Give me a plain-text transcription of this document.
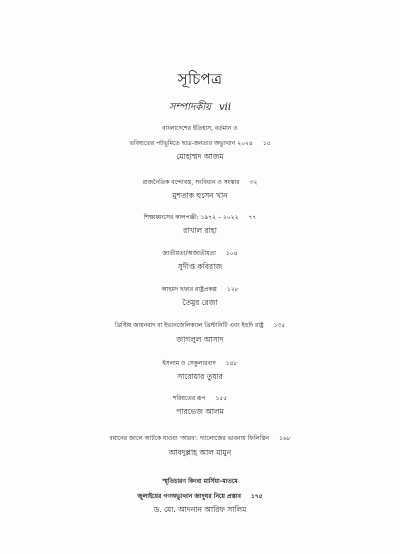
সূচিপত্র
সম্পাদকীয় vii
বাংলাদেশের ইতিহাস, বর্তমান ও
ভবিষ্যতের পটভূমিতে ছাত্র-জনতার অভ্যুত্থান ২০২৪ ১৫
মোহাম্মদ আজম
রাজনৈতিক বন্দোবস্ত, সংবিধান ও সংস্কার ৩২
মুশতাক হুসেন খান
শিক্ষাধ্বংসের কালপঞ্জী: ১৯৭২ – ২০২২ ৭৭
রাখাল রাহা
জাতীয়তা/অজাতীয়তা ১০৪
সুদীপ্ত কবিরাজ
আহমদ ছফার রাষ্ট্রপ্রকল্প ১২৮
তৈমুর রেজা
খ্রিস্টিয় জায়নবাদ বা ইভানজেলিক্যাল খ্রিস্টানিটি এবং ইহুদি রাষ্ট্র ১৩৫
জাগলুল আসাদ
ইসলাম ও সেকুলারবাদ ১৪৮
সারোয়ার তুষার
শরিয়তের রূপ ১৫৫
পারভেজ আলম
বয়ানের জালে আটকে যাওয়া 'আরব': দ্যালোজের ভাবনায় ফিলিস্তিন ১৬৮
আবদুল্লাহ আল মামুন
স্মৃতিচারণ কিংবা মার্সিয়া-মাতমে
জুলাইয়ের গণঅভ্যুত্থান জাদুঘর নিয়ে প্রস্তাব ১৭৫
ড. মো. আদনান আরিফ সালিম
